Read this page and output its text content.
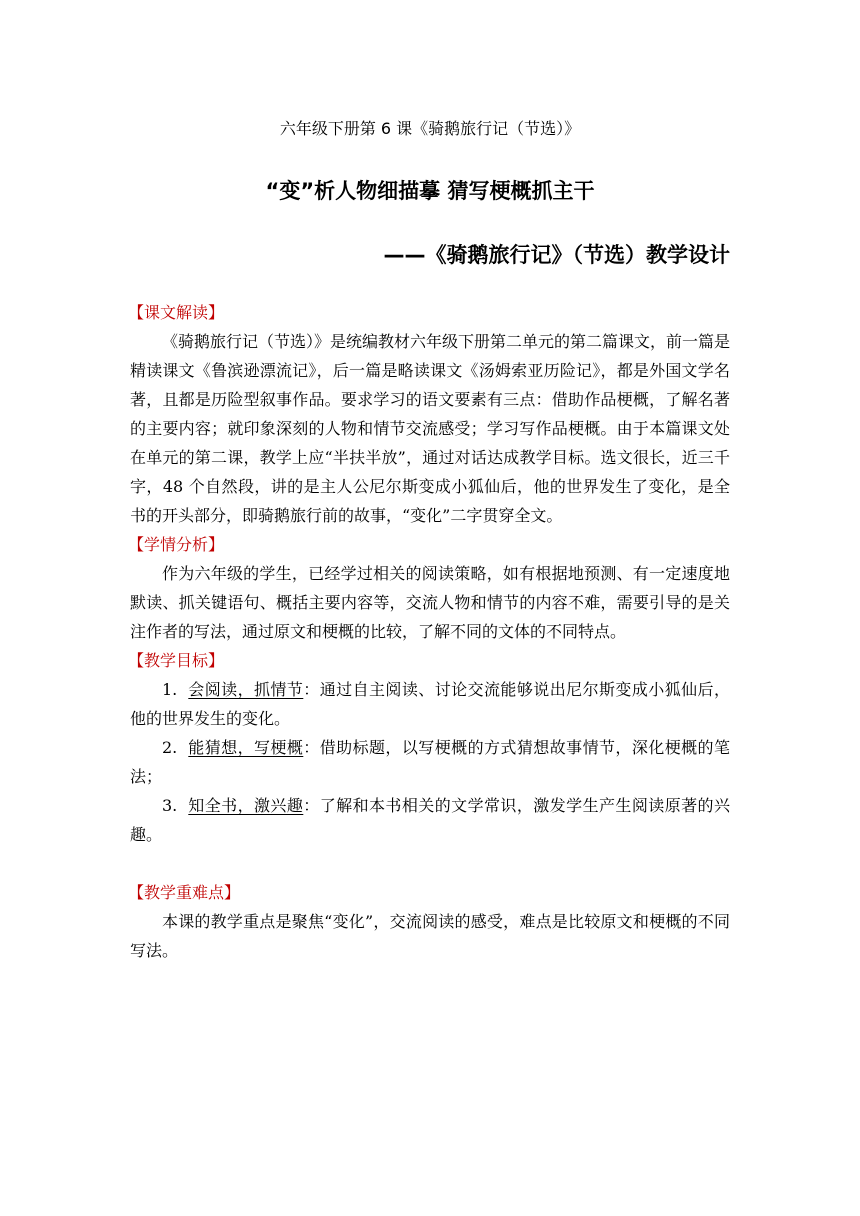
六年级下册第 6 课《骑鹅旅行记（节选）》
“变”析人物细描摹 猜写梗概抓主干
——《骑鹅旅行记》（节选）教学设计
【课文解读】

《骑鹅旅行记（节选）》是统编教材六年级下册第二单元的第二篇课文，前一篇是精读课文《鲁滨逊漂流记》，后一篇是略读课文《汤姆索亚历险记》，都是外国文学名著，且都是历险型叙事作品。要求学习的语文要素有三点：借助作品梗概，了解名著的主要内容；就印象深刻的人物和情节交流感受；学习写作品梗概。由于本篇课文处在单元的第二课，教学上应“半扶半放”，通过对话达成教学目标。选文很长，近三千字，48 个自然段，讲的是主人公尼尔斯变成小狐仙后，他的世界发生了变化，是全书的开头部分，即骑鹅旅行前的故事，“变化”二字贯穿全文。

【学情分析】

作为六年级的学生，已经学过相关的阅读策略，如有根据地预测、有一定速度地默读、抓关键语句、概括主要内容等，交流人物和情节的内容不难，需要引导的是关注作者的写法，通过原文和梗概的比较，了解不同的文体的不同特点。

【教学目标】

1. 会阅读，抓情节：通过自主阅读、讨论交流能够说出尼尔斯变成小狐仙后，他的世界发生的变化。

2. 能猜想，写梗概：借助标题，以写梗概的方式猜想故事情节，深化梗概的笔法；

3. 知全书，激兴趣：了解和本书相关的文学常识，激发学生产生阅读原著的兴趣。

【教学重难点】

本课的教学重点是聚焦“变化”，交流阅读的感受，难点是比较原文和梗概的不同写法。
